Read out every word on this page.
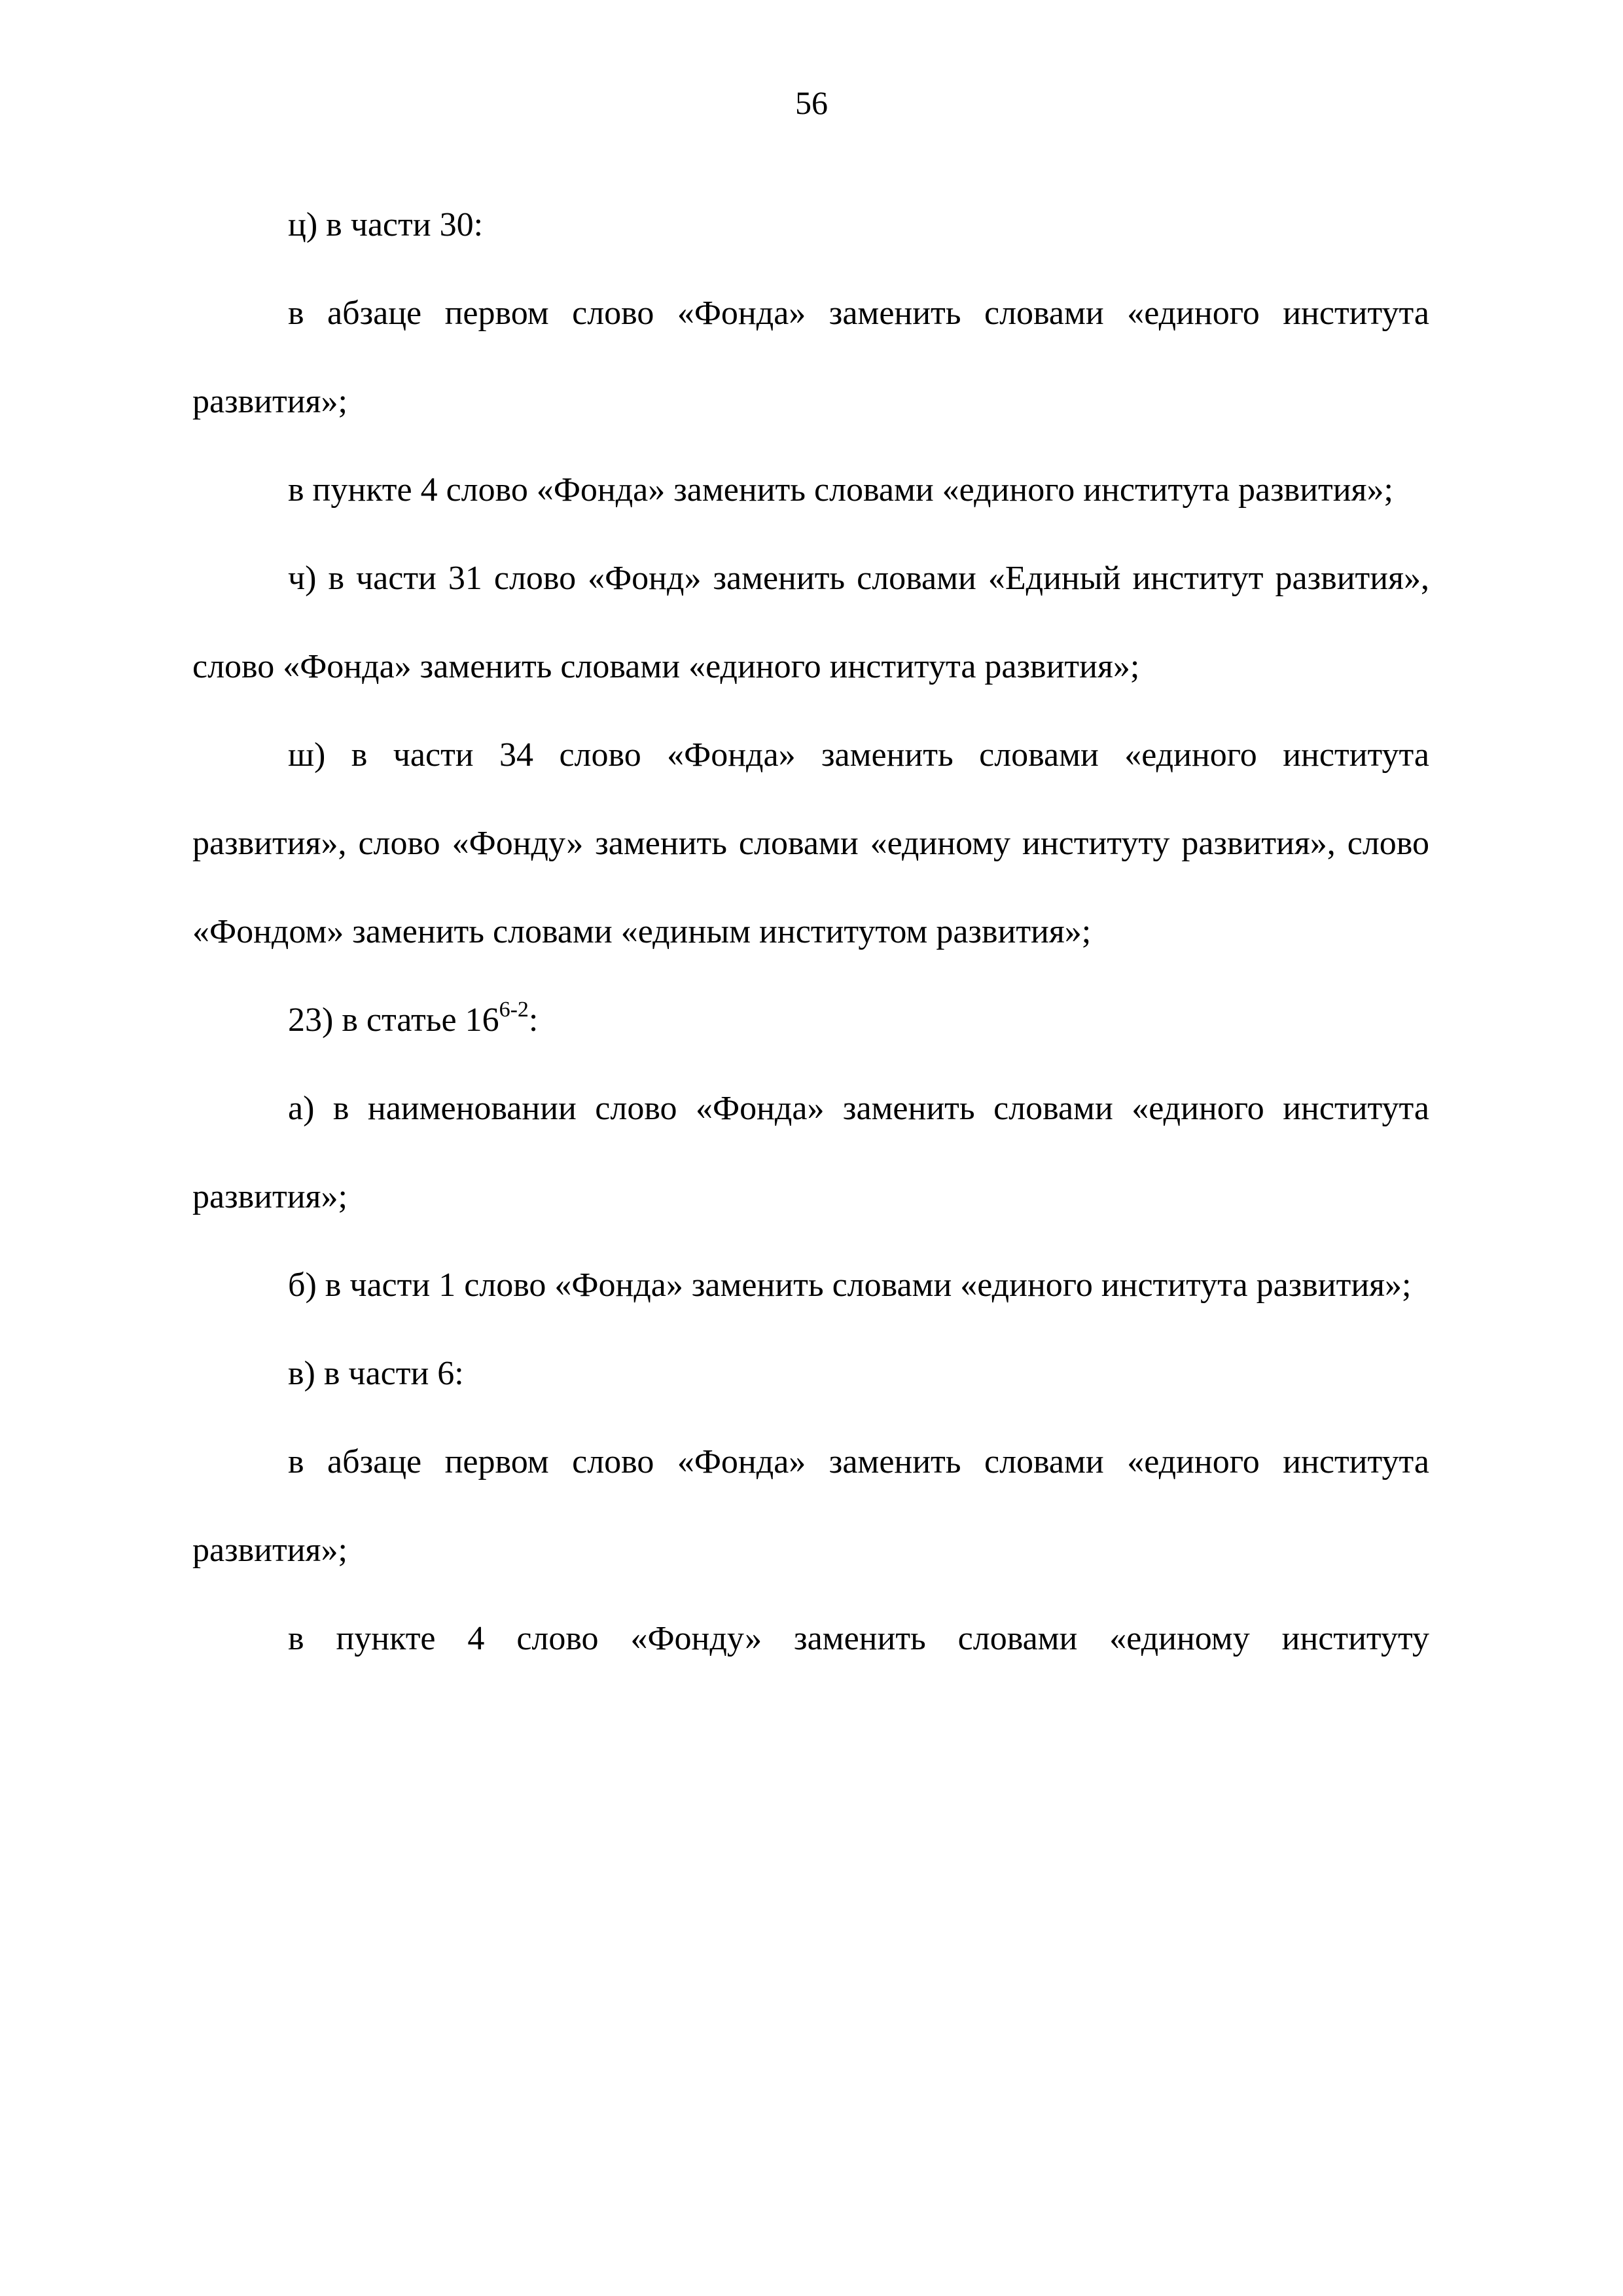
56

ц) в части 30:

в абзаце первом слово «Фонда» заменить словами «единого института развития»;

в пункте 4 слово «Фонда» заменить словами «единого института развития»;

ч) в части 31 слово «Фонд» заменить словами «Единый институт развития», слово «Фонда» заменить словами «единого института развития»;

ш) в части 34 слово «Фонда» заменить словами «единого института развития», слово «Фонду» заменить словами «единому институту развития», слово «Фондом» заменить словами «единым институтом развития»;

23) в статье 16$^{6-2}$:

а) в наименовании слово «Фонда» заменить словами «единого института развития»;

б) в части 1 слово «Фонда» заменить словами «единого института развития»;

в) в части 6:

в абзаце первом слово «Фонда» заменить словами «единого института развития»;

в пункте 4 слово «Фонду» заменить словами «единому институту
